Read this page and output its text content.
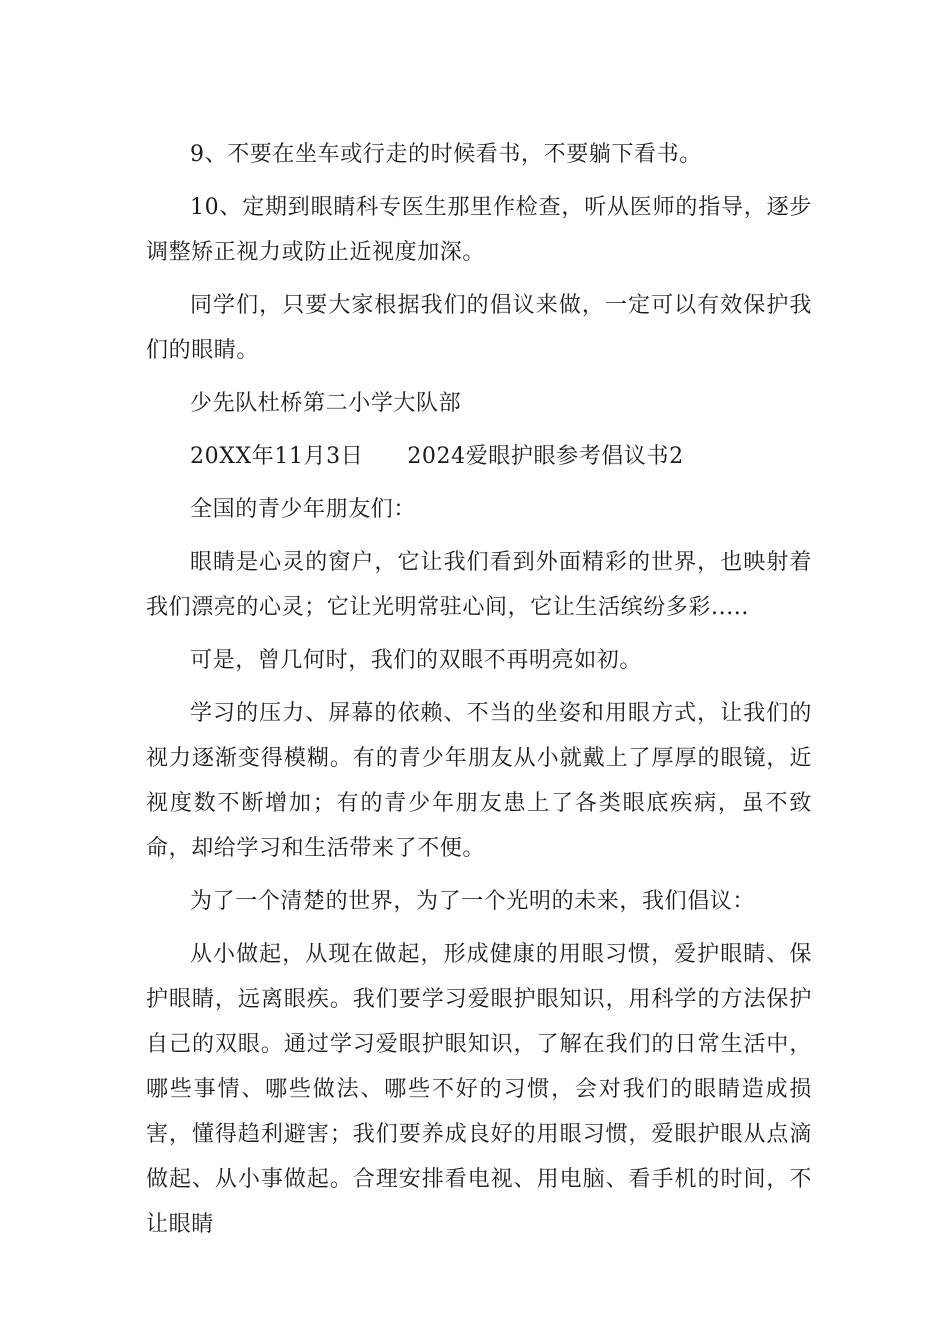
9、不要在坐车或行走的时候看书，不要躺下看书。

10、定期到眼睛科专医生那里作检查，听从医师的指导，逐步调整矫正视力或防止近视度加深。

同学们，只要大家根据我们的倡议来做，一定可以有效保护我们的眼睛。

少先队杜桥第二小学大队部

20XX年11月3日 2024爱眼护眼参考倡议书2

全国的青少年朋友们：

眼睛是心灵的窗户，它让我们看到外面精彩的世界，也映射着我们漂亮的心灵；它让光明常驻心间，它让生活缤纷多彩.....

可是，曾几何时，我们的双眼不再明亮如初。

学习的压力、屏幕的依赖、不当的坐姿和用眼方式，让我们的视力逐渐变得模糊。有的青少年朋友从小就戴上了厚厚的眼镜，近视度数不断增加；有的青少年朋友患上了各类眼底疾病，虽不致命，却给学习和生活带来了不便。

为了一个清楚的世界，为了一个光明的未来，我们倡议：

从小做起，从现在做起，形成健康的用眼习惯，爱护眼睛、保护眼睛，远离眼疾。我们要学习爱眼护眼知识，用科学的方法保护自己的双眼。通过学习爱眼护眼知识，了解在我们的日常生活中，哪些事情、哪些做法、哪些不好的习惯，会对我们的眼睛造成损害，懂得趋利避害；我们要养成良好的用眼习惯，爱眼护眼从点滴做起、从小事做起。合理安排看电视、用电脑、看手机的时间，不让眼睛
